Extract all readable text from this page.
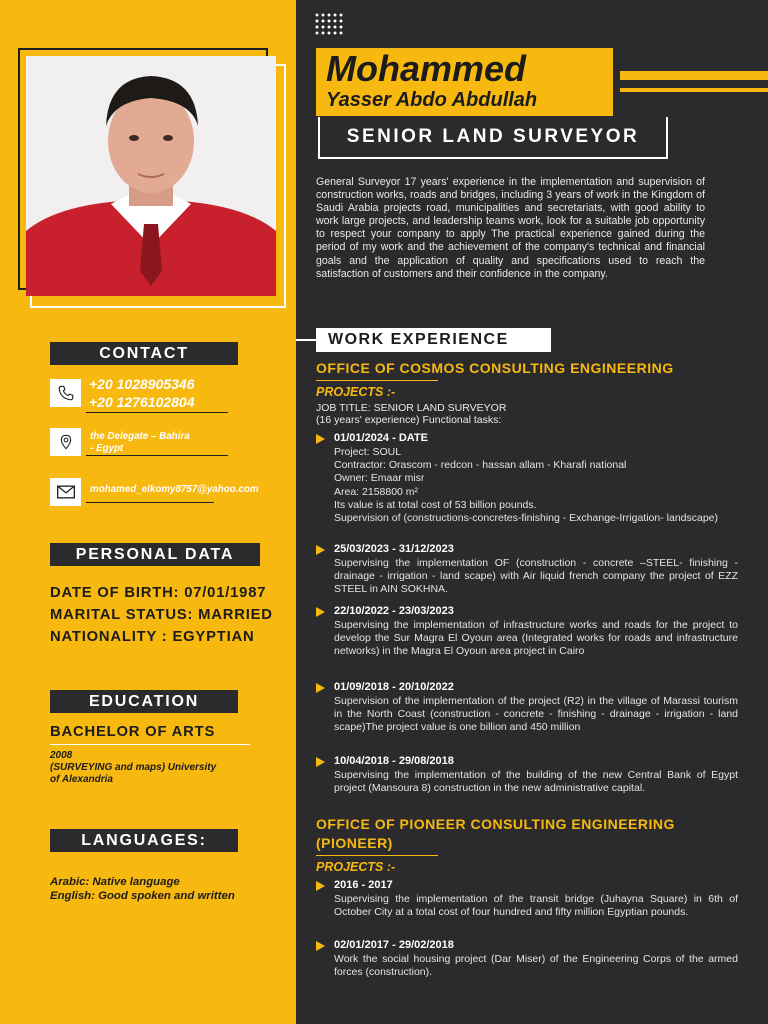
Mohammed
Yasser Abdo Abdullah
SENIOR LAND SURVEYOR
General Surveyor 17 years' experience in the implementation and supervision of construction works, roads and bridges, including 3 years of work in the Kingdom of Saudi Arabia projects road, municipalities and secretariats, with good ability to work large projects, and leadership teams work, look for a suitable job opportunity to respect your company to apply The practical experience gained during the period of my work and the achievement of the company's technical and financial goals and the application of quality and specifications used to reach the satisfaction of customers and their confidence in the company.
WORK EXPERIENCE
OFFICE OF COSMOS CONSULTING ENGINEERING
PROJECTS :-
JOB TITLE: SENIOR LAND SURVEYOR
(16 years' experience) Functional tasks:
01/01/2024 - DATE
Project: SOUL
Contractor: Orascom - redcon - hassan allam - Kharafi national
Owner: Emaar misr
Area: 2158800 m²
Its value is at total cost of 53 billion pounds.
Supervision of (constructions-concretes-finishing - Exchange-Irrigation- landscape)
25/03/2023 - 31/12/2023
Supervising the implementation OF (construction - concrete –STEEL- finishing - drainage - irrigation - land scape) with Air liquid french company the project of EZZ STEEL in AIN SOKHNA.
22/10/2022 - 23/03/2023
Supervising the implementation of infrastructure works and roads for the project to develop the Sur Magra El Oyoun area (Integrated works for roads and infrastructure networks) in the Magra El Oyoun area project in Cairo
01/09/2018 - 20/10/2022
Supervision of the implementation of the project (R2) in the village of Marassi tourism in the North Coast (construction - concrete - finishing - drainage - irrigation - land scape)The project value is one billion and 450 million
10/04/2018 - 29/08/2018
Supervising the implementation of the building of the new Central Bank of Egypt project (Mansoura 8) construction in the new administrative capital.
OFFICE OF PIONEER CONSULTING ENGINEERING
(PIONEER)
PROJECTS :-
2016 - 2017
Supervising the implementation of the transit bridge (Juhayna Square) in 6th of October City at a total cost of four hundred and fifty million Egyptian pounds.
02/01/2017 - 29/02/2018
Work the social housing project (Dar Miser) of the Engineering Corps of the armed forces (construction).
CONTACT
+20 1028905346
+20 1276102804
the Delegate – Bahira
- Egypt
mohamed_elkomy8757@yahoo.com
PERSONAL DATA
DATE OF BIRTH: 07/01/1987
MARITAL STATUS: MARRIED
NATIONALITY : EGYPTIAN
EDUCATION
BACHELOR OF ARTS
2008
(SURVEYING and maps) University
of Alexandria
LANGUAGES:
Arabic: Native language
English: Good spoken and written
